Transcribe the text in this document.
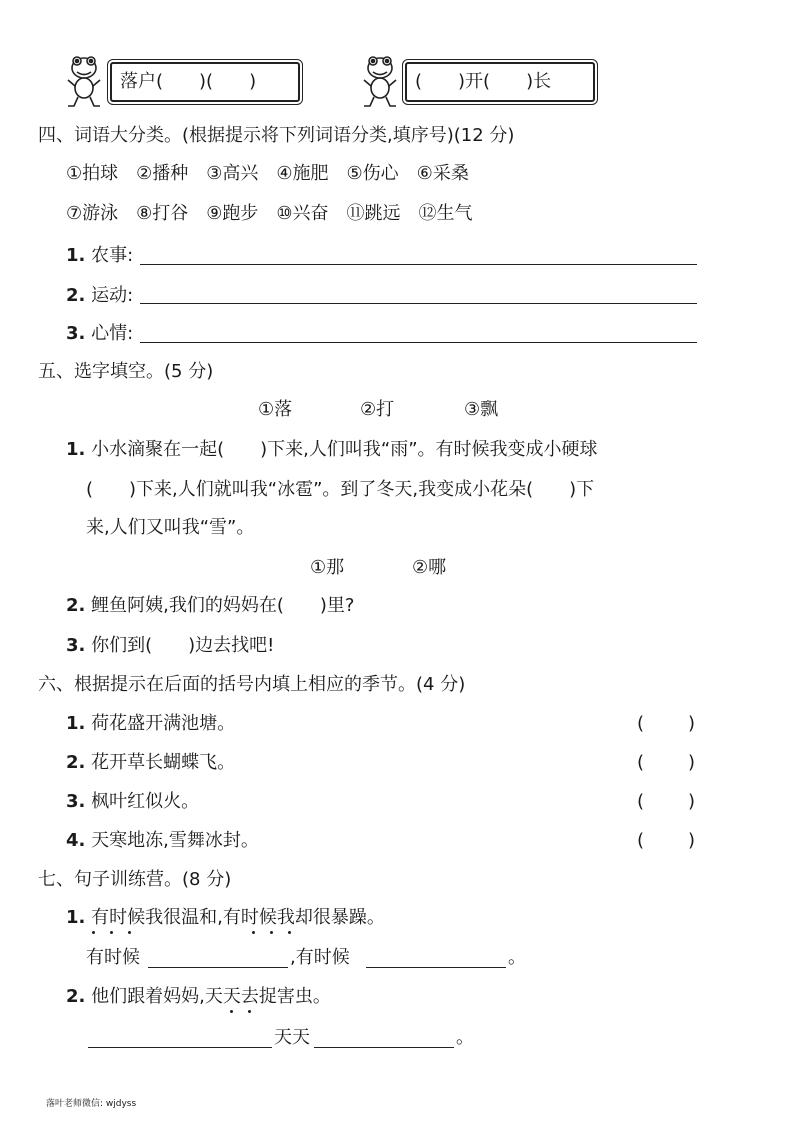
落户(　　)(　　)	(　　)开(　　)长
四、词语大分类。(根据提示将下列词语分类,填序号)(12 分)
①拍球　②播种　③高兴　④施肥　⑤伤心　⑥采桑
⑦游泳　⑧打谷　⑨跑步　⑩兴奋　⑪跳远　⑫生气
1. 农事:
2. 运动:
3. 心情:
五、选字填空。(5 分)
①落	②打	③飘
1. 小水滴聚在一起(　　)下来,人们叫我“雨”。有时候我变成小硬球
(　　)下来,人们就叫我“冰雹”。到了冬天,我变成小花朵(　　)下
来,人们又叫我“雪”。
①那	②哪
2. 鲤鱼阿姨,我们的妈妈在(　　)里?
3. 你们到(　　)边去找吧!
六、根据提示在后面的括号内填上相应的季节。(4 分)
1. 荷花盛开满池塘。	( )
2. 花开草长蝴蝶飞。	( )
3. 枫叶红似火。	( )
4. 天寒地冻,雪舞冰封。	( )
七、句子训练营。(8 分)
1. 有时候我很温和,有时候我却很暴躁。
有时候	,有时候	。
2. 他们跟着妈妈,天天去捉害虫。
天天	。
落叶老师微信: wjdyss
